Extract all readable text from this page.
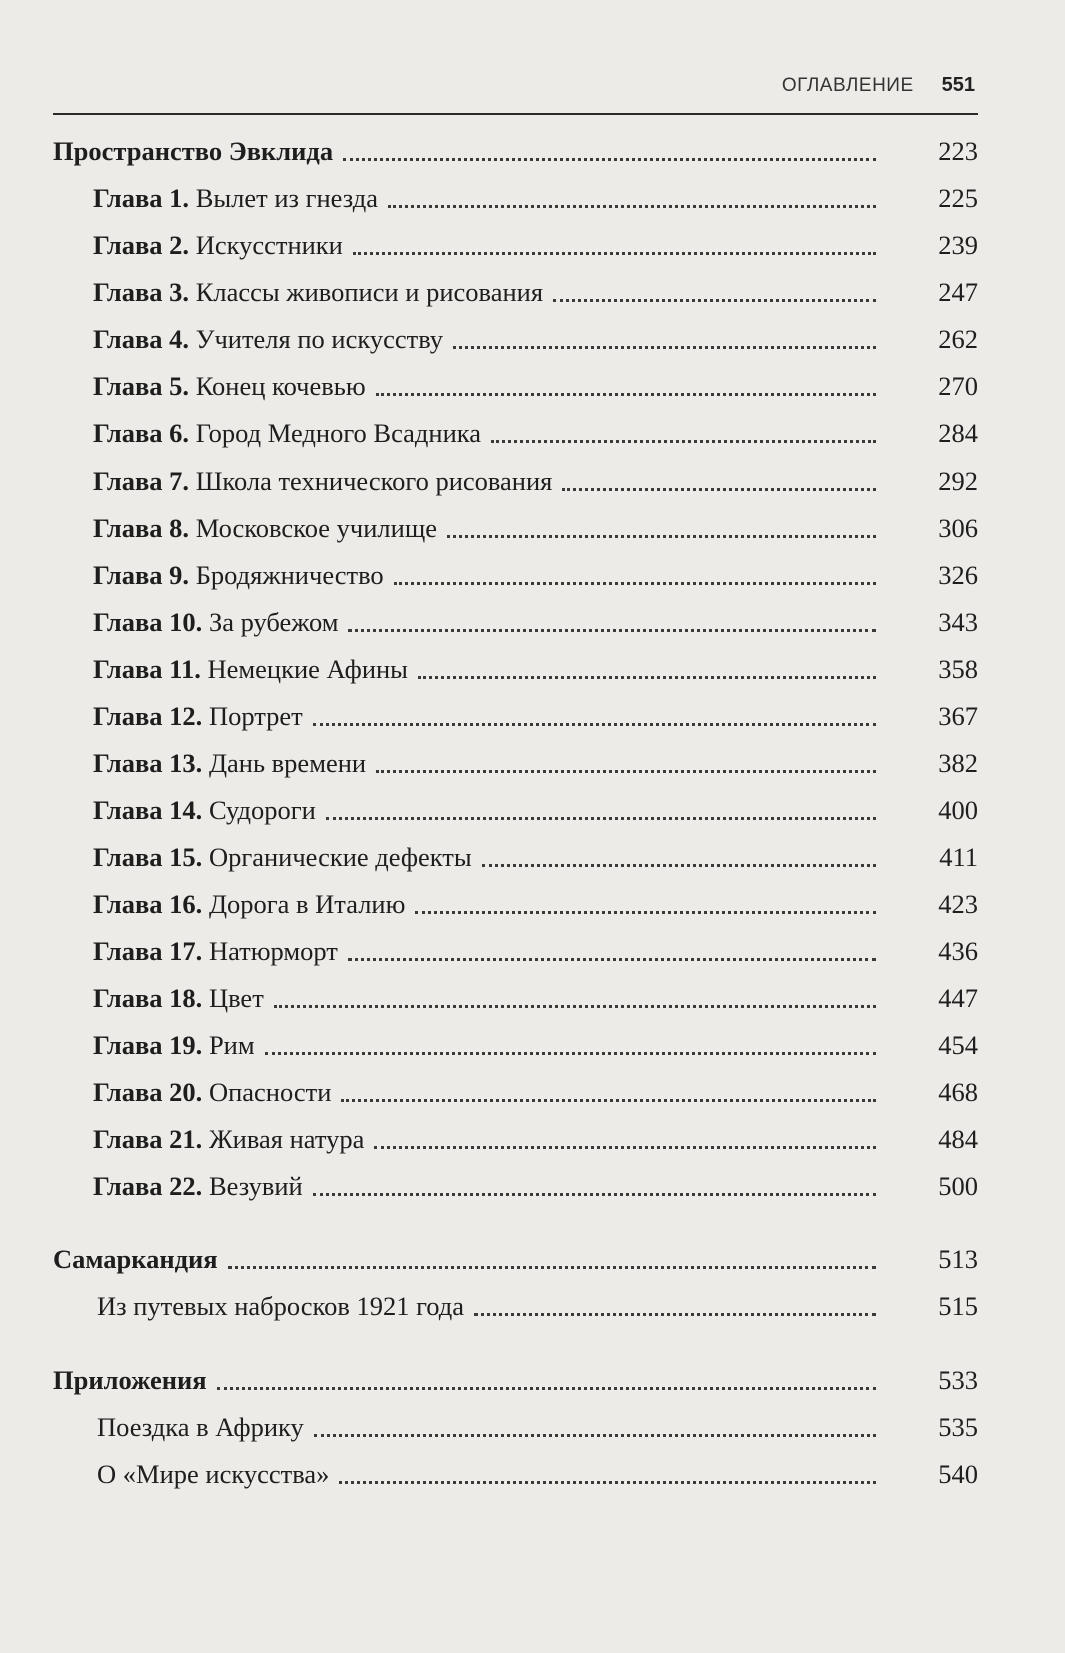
ОГЛАВЛЕНИЕ 551
Пространство Эвклида	223
Глава 1. Вылет из гнезда	225
Глава 2. Искусстники	239
Глава 3. Классы живописи и рисования	247
Глава 4. Учителя по искусству	262
Глава 5. Конец кочевью	270
Глава 6. Город Медного Всадника	284
Глава 7. Школа технического рисования	292
Глава 8. Московское училище	306
Глава 9. Бродяжничество	326
Глава 10. За рубежом	343
Глава 11. Немецкие Афины	358
Глава 12. Портрет	367
Глава 13. Дань времени	382
Глава 14. Судороги	400
Глава 15. Органические дефекты	411
Глава 16. Дорога в Италию	423
Глава 17. Натюрморт	436
Глава 18. Цвет	447
Глава 19. Рим	454
Глава 20. Опасности	468
Глава 21. Живая натура	484
Глава 22. Везувий	500
Самаркандия	513
Из путевых набросков 1921 года	515
Приложения	533
Поездка в Африку	535
О «Мире искусства»	540
